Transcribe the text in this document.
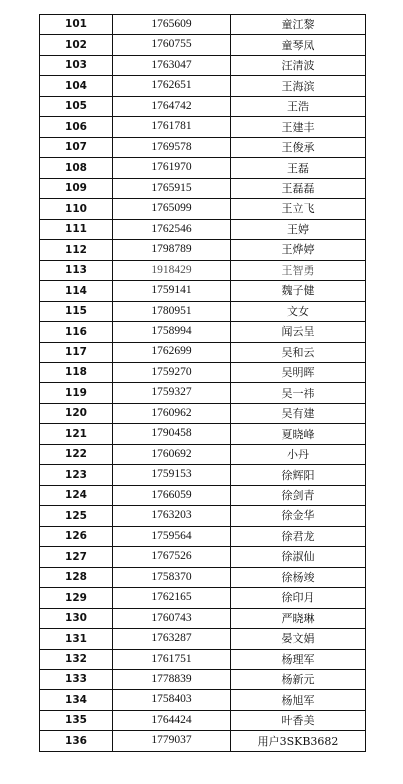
101	1765609	童江黎
102	1760755	童琴凤
103	1763047	汪清波
104	1762651	王海滨
105	1764742	王浩
106	1761781	王建丰
107	1769578	王俊承
108	1761970	王磊
109	1765915	王磊磊
110	1765099	王立飞
111	1762546	王婷
112	1798789	王烨婷
113	1918429	王智勇
114	1759141	魏子健
115	1780951	文女
116	1758994	闻云呈
117	1762699	吴和云
118	1759270	吴明晖
119	1759327	吴一祎
120	1760962	吴有建
121	1790458	夏晓峰
122	1760692	小丹
123	1759153	徐辉阳
124	1766059	徐剑青
125	1763203	徐金华
126	1759564	徐君龙
127	1767526	徐淑仙
128	1758370	徐杨竣
129	1762165	徐印月
130	1760743	严晓琳
131	1763287	晏文娟
132	1761751	杨理军
133	1778839	杨新元
134	1758403	杨旭军
135	1764424	叶香美
136	1779037	用户3SKB3682
